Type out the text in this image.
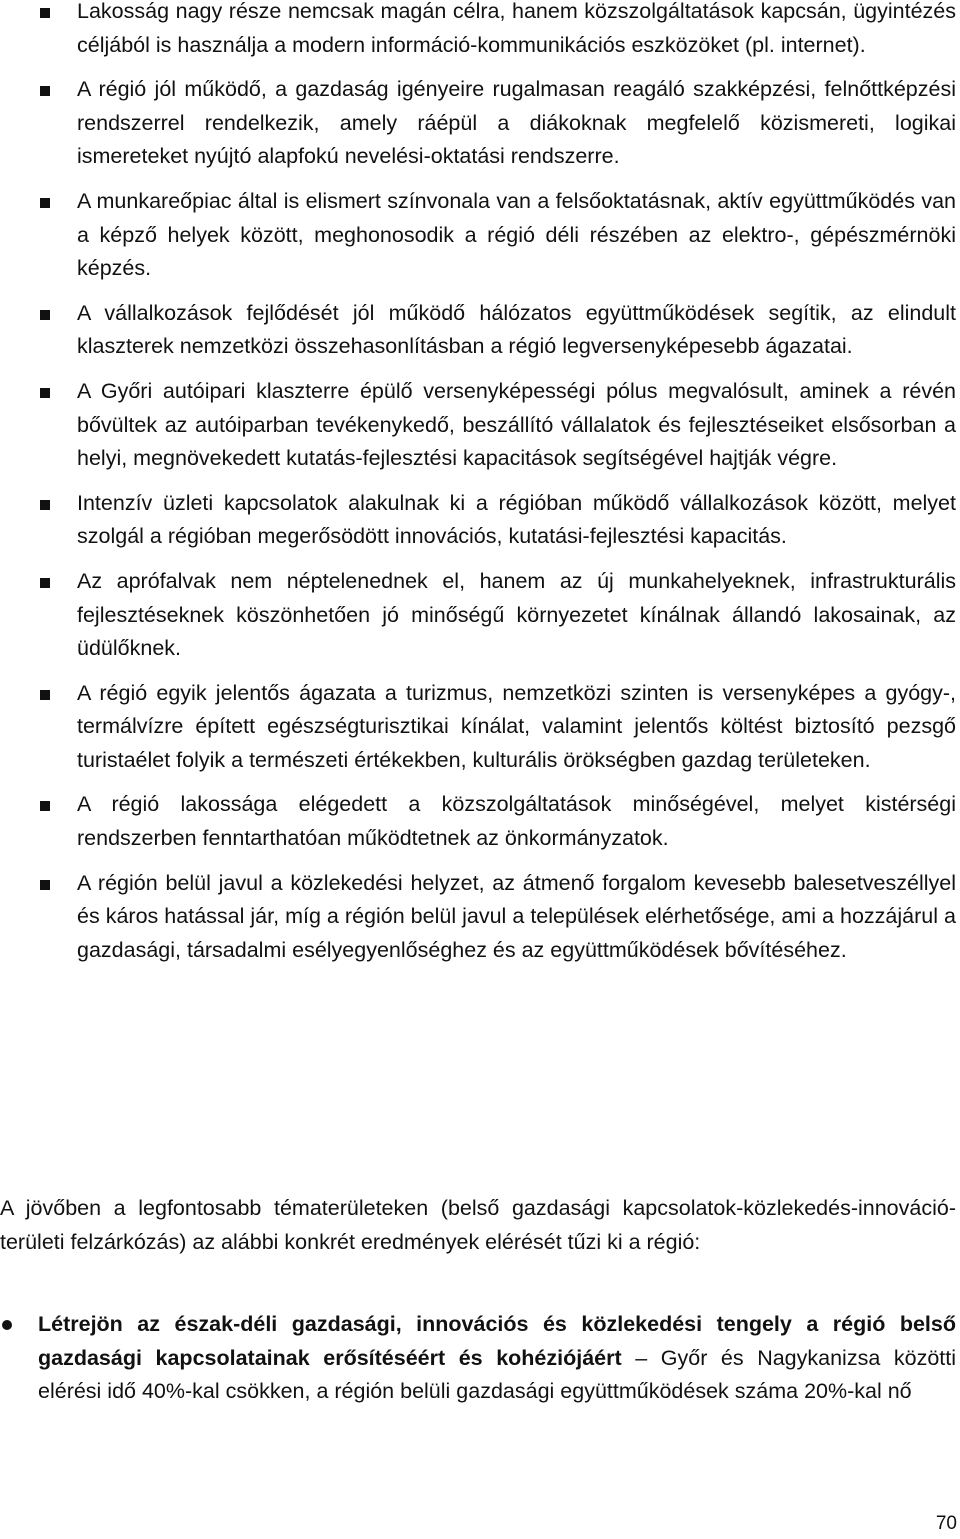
Lakosság nagy része nemcsak magán célra, hanem közszolgáltatások kapcsán, ügyintézés céljából is használja a modern információ-kommunikációs eszközöket (pl. internet).
A régió jól működő, a gazdaság igényeire rugalmasan reagáló szakképzési, felnőttképzési rendszerrel rendelkezik, amely ráépül a diákoknak megfelelő közismereti, logikai ismereteket nyújtó alapfokú nevelési-oktatási rendszerre.
A munkareőpiac által is elismert színvonala van a felsőoktatásnak, aktív együttműködés van a képző helyek között, meghonosodik a régió déli részében az elektro-, gépészmérnöki képzés.
A vállalkozások fejlődését jól működő hálózatos együttműködések segítik, az elindult klaszterek nemzetközi összehasonlításban a régió legversenyképesebb ágazatai.
A Győri autóipari klaszterre épülő versenyképességi pólus megvalósult, aminek a révén bővültek az autóiparban tevékenykedő, beszállító vállalatok és fejlesztéseiket elsősorban a helyi, megnövekedett kutatás-fejlesztési kapacitások segítségével hajtják végre.
Intenzív üzleti kapcsolatok alakulnak ki a régióban működő vállalkozások között, melyet szolgál a régióban megerősödött innovációs, kutatási-fejlesztési kapacitás.
Az aprófalvak nem néptelenednek el, hanem az új munkahelyeknek, infrastrukturális fejlesztéseknek köszönhetően jó minőségű környezetet kínálnak állandó lakosainak, az üdülőknek.
A régió egyik jelentős ágazata a turizmus, nemzetközi szinten is versenyképes a gyógy-, termálvízre épített egészségturisztikai kínálat, valamint jelentős költést biztosító pezsgő turistaélet folyik a természeti értékekben, kulturális örökségben gazdag területeken.
A régió lakossága elégedett a közszolgáltatások minőségével, melyet kistérségi rendszerben fenntarthatóan működtetnek az önkormányzatok.
A régión belül javul a közlekedési helyzet, az átmenő forgalom kevesebb balesetveszéllyel és káros hatással jár, míg a régión belül javul a települések elérhetősége, ami a hozzájárul a gazdasági, társadalmi esélyegyenlőséghez és az együttműködések bővítéséhez.

A jövőben a legfontosabb tématerületeken (belső gazdasági kapcsolatok-közlekedés-innováció-területi felzárkózás) az alábbi konkrét eredmények elérését tűzi ki a régió:

Létrejön az észak-déli gazdasági, innovációs és közlekedési tengely a régió belső gazdasági kapcsolatainak erősítéséért és kohéziójáért – Győr és Nagykanizsa közötti elérési idő 40%-kal csökken, a régión belüli gazdasági együttműködések száma 20%-kal nő
70
